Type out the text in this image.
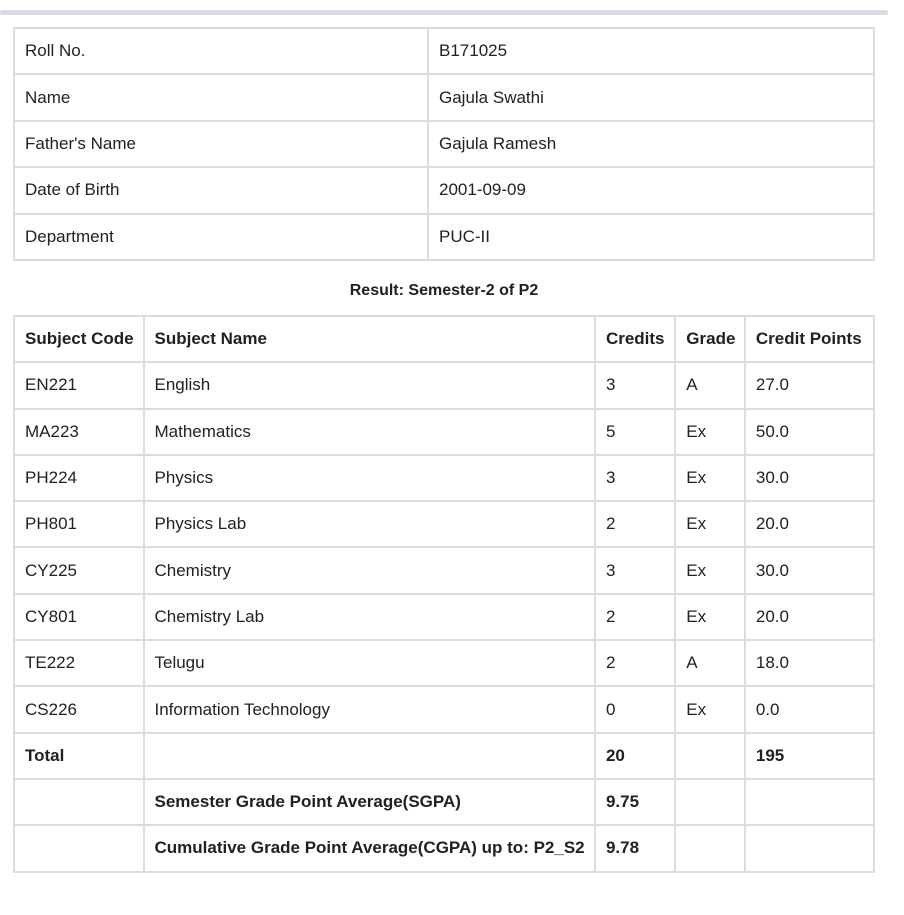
Roll No.	B171025
Name	Gajula Swathi
Father's Name	Gajula Ramesh
Date of Birth	2001-09-09
Department	PUC-II
Result: Semester-2 of P2
Subject Code	Subject Name	Credits	Grade	Credit Points
EN221	English	3	A	27.0
MA223	Mathematics	5	Ex	50.0
PH224	Physics	3	Ex	30.0
PH801	Physics Lab	2	Ex	20.0
CY225	Chemistry	3	Ex	30.0
CY801	Chemistry Lab	2	Ex	20.0
TE222	Telugu	2	A	18.0
CS226	Information Technology	0	Ex	0.0
Total		20		195
	Semester Grade Point Average(SGPA)	9.75		
	Cumulative Grade Point Average(CGPA) up to: P2_S2	9.78		
